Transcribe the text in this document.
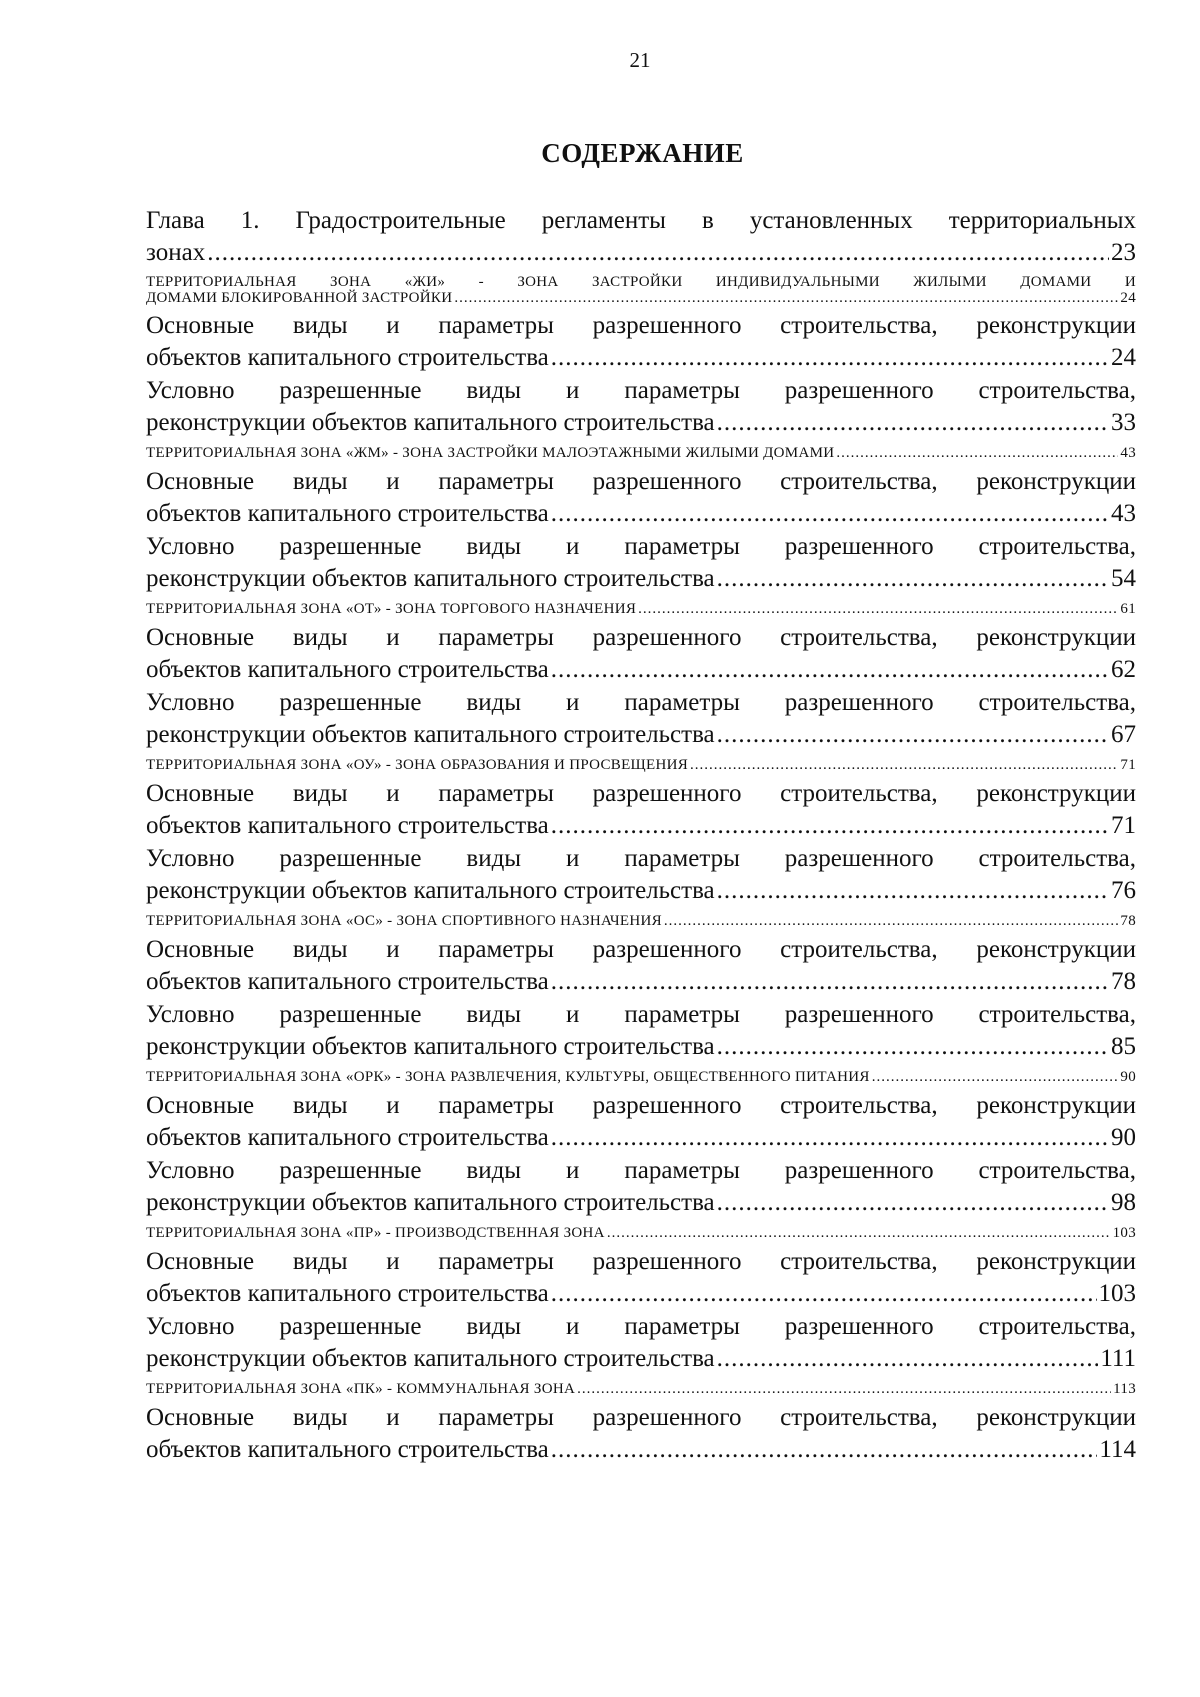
21
СОДЕРЖАНИЕ
Глава 1. Градостроительные регламенты в установленных территориальных
зонах .....	23
ТЕРРИТОРИАЛЬНАЯ ЗОНА «ЖИ» - ЗОНА ЗАСТРОЙКИ ИНДИВИДУАЛЬНЫМИ ЖИЛЫМИ ДОМАМИ И
ДОМАМИ БЛОКИРОВАННОЙ ЗАСТРОЙКИ .....	24
Основные виды и параметры разрешенного строительства, реконструкции
объектов капитального строительства .....	24
Условно разрешенные виды и параметры разрешенного строительства,
реконструкции объектов капитального строительства .....	33
ТЕРРИТОРИАЛЬНАЯ ЗОНА «ЖМ» - ЗОНА ЗАСТРОЙКИ МАЛОЭТАЖНЫМИ ЖИЛЫМИ ДОМАМИ .....	43
Основные виды и параметры разрешенного строительства, реконструкции
объектов капитального строительства .....	43
Условно разрешенные виды и параметры разрешенного строительства,
реконструкции объектов капитального строительства .....	54
ТЕРРИТОРИАЛЬНАЯ ЗОНА «ОТ» - ЗОНА ТОРГОВОГО НАЗНАЧЕНИЯ .....	61
Основные виды и параметры разрешенного строительства, реконструкции
объектов капитального строительства .....	62
Условно разрешенные виды и параметры разрешенного строительства,
реконструкции объектов капитального строительства .....	67
ТЕРРИТОРИАЛЬНАЯ ЗОНА «ОУ» - ЗОНА ОБРАЗОВАНИЯ И ПРОСВЕЩЕНИЯ .....	71
Основные виды и параметры разрешенного строительства, реконструкции
объектов капитального строительства .....	71
Условно разрешенные виды и параметры разрешенного строительства,
реконструкции объектов капитального строительства .....	76
ТЕРРИТОРИАЛЬНАЯ ЗОНА «ОС» - ЗОНА СПОРТИВНОГО НАЗНАЧЕНИЯ .....	78
Основные виды и параметры разрешенного строительства, реконструкции
объектов капитального строительства .....	78
Условно разрешенные виды и параметры разрешенного строительства,
реконструкции объектов капитального строительства .....	85
ТЕРРИТОРИАЛЬНАЯ ЗОНА «ОРК» - ЗОНА РАЗВЛЕЧЕНИЯ, КУЛЬТУРЫ, ОБЩЕСТВЕННОГО ПИТАНИЯ .....	90
Основные виды и параметры разрешенного строительства, реконструкции
объектов капитального строительства .....	90
Условно разрешенные виды и параметры разрешенного строительства,
реконструкции объектов капитального строительства .....	98
ТЕРРИТОРИАЛЬНАЯ ЗОНА «ПР» - ПРОИЗВОДСТВЕННАЯ ЗОНА .....	103
Основные виды и параметры разрешенного строительства, реконструкции
объектов капитального строительства .....	103
Условно разрешенные виды и параметры разрешенного строительства,
реконструкции объектов капитального строительства .....	111
ТЕРРИТОРИАЛЬНАЯ ЗОНА «ПК» - КОММУНАЛЬНАЯ ЗОНА .....	113
Основные виды и параметры разрешенного строительства, реконструкции
объектов капитального строительства .....	114
